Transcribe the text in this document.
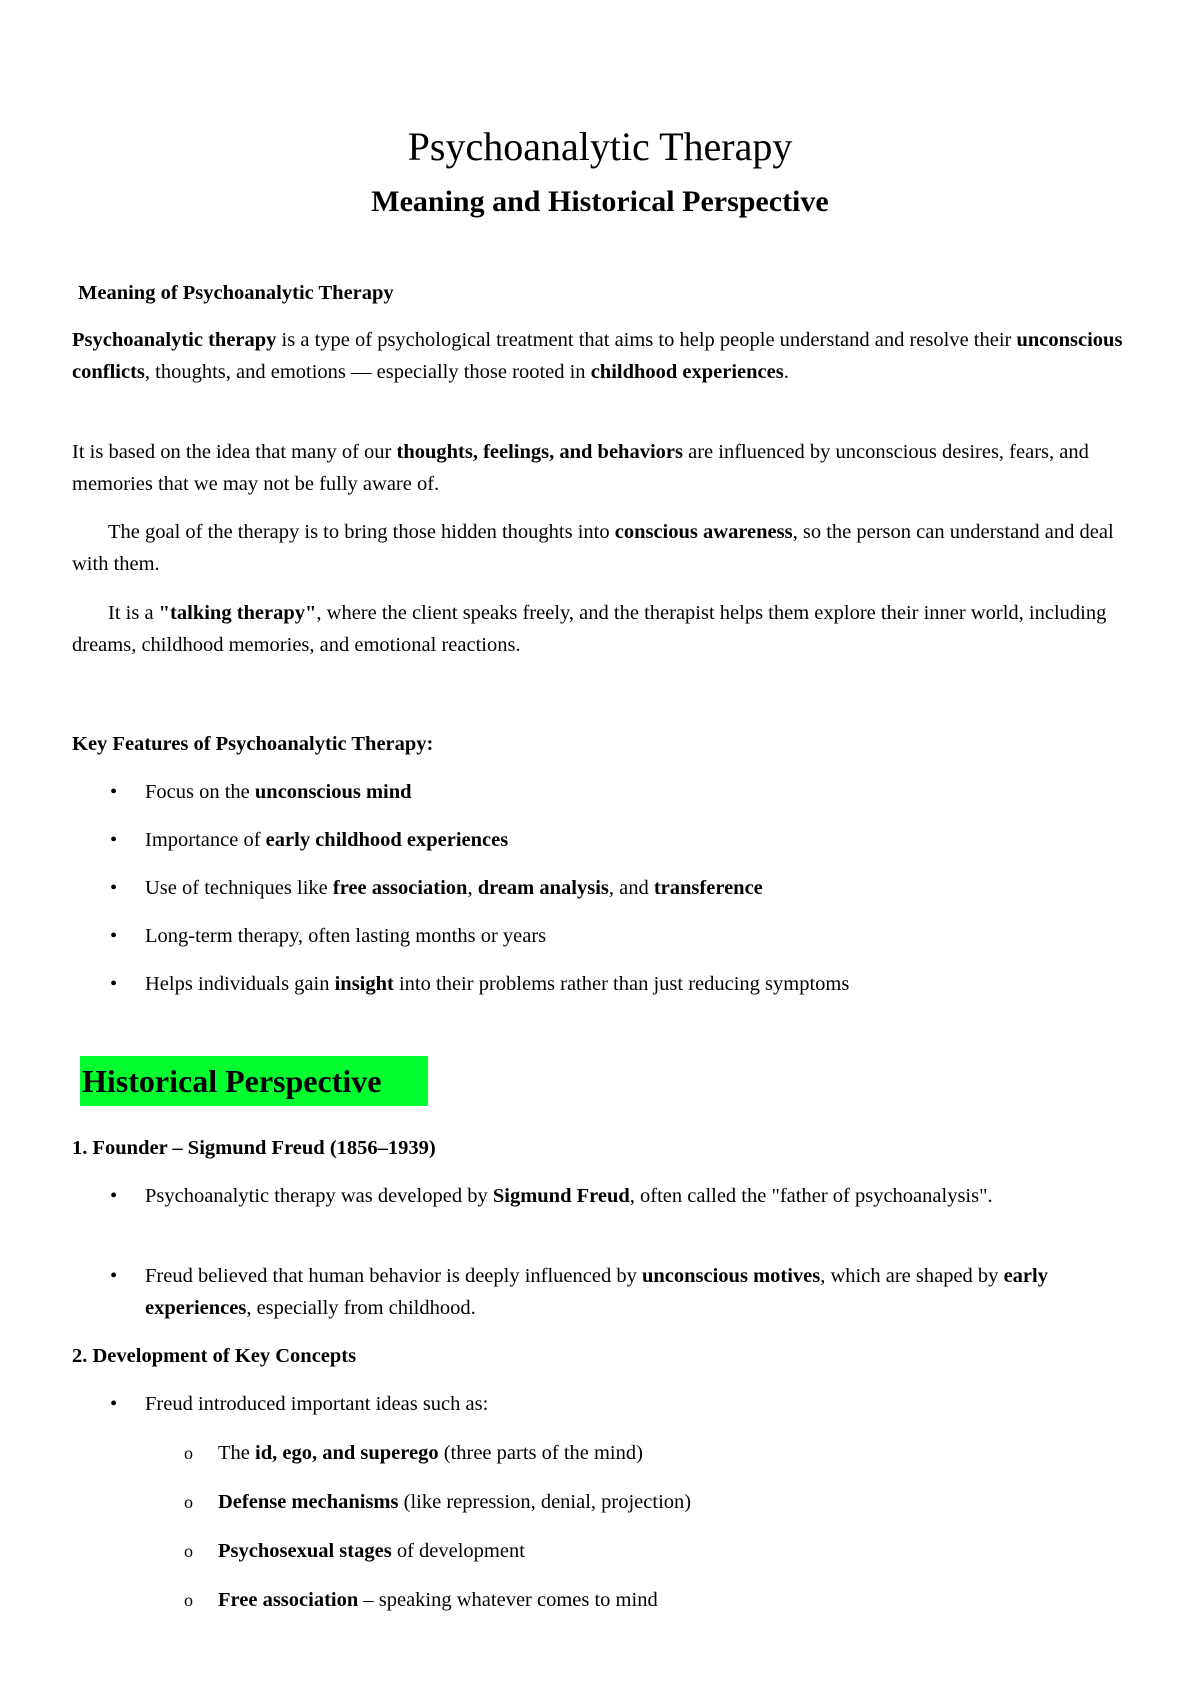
Psychoanalytic Therapy
Meaning and Historical Perspective
Meaning of Psychoanalytic Therapy
Psychoanalytic therapy is a type of psychological treatment that aims to help people understand and resolve their unconscious conflicts, thoughts, and emotions — especially those rooted in childhood experiences.
It is based on the idea that many of our thoughts, feelings, and behaviors are influenced by unconscious desires, fears, and memories that we may not be fully aware of.
The goal of the therapy is to bring those hidden thoughts into conscious awareness, so the person can understand and deal with them.
It is a "talking therapy", where the client speaks freely, and the therapist helps them explore their inner world, including dreams, childhood memories, and emotional reactions.
Key Features of Psychoanalytic Therapy:
• Focus on the unconscious mind
• Importance of early childhood experiences
• Use of techniques like free association, dream analysis, and transference
• Long-term therapy, often lasting months or years
• Helps individuals gain insight into their problems rather than just reducing symptoms
Historical Perspective
1. Founder – Sigmund Freud (1856–1939)
• Psychoanalytic therapy was developed by Sigmund Freud, often called the "father of psychoanalysis".
• Freud believed that human behavior is deeply influenced by unconscious motives, which are shaped by early experiences, especially from childhood.
2. Development of Key Concepts
• Freud introduced important ideas such as:
o The id, ego, and superego (three parts of the mind)
o Defense mechanisms (like repression, denial, projection)
o Psychosexual stages of development
o Free association – speaking whatever comes to mind
